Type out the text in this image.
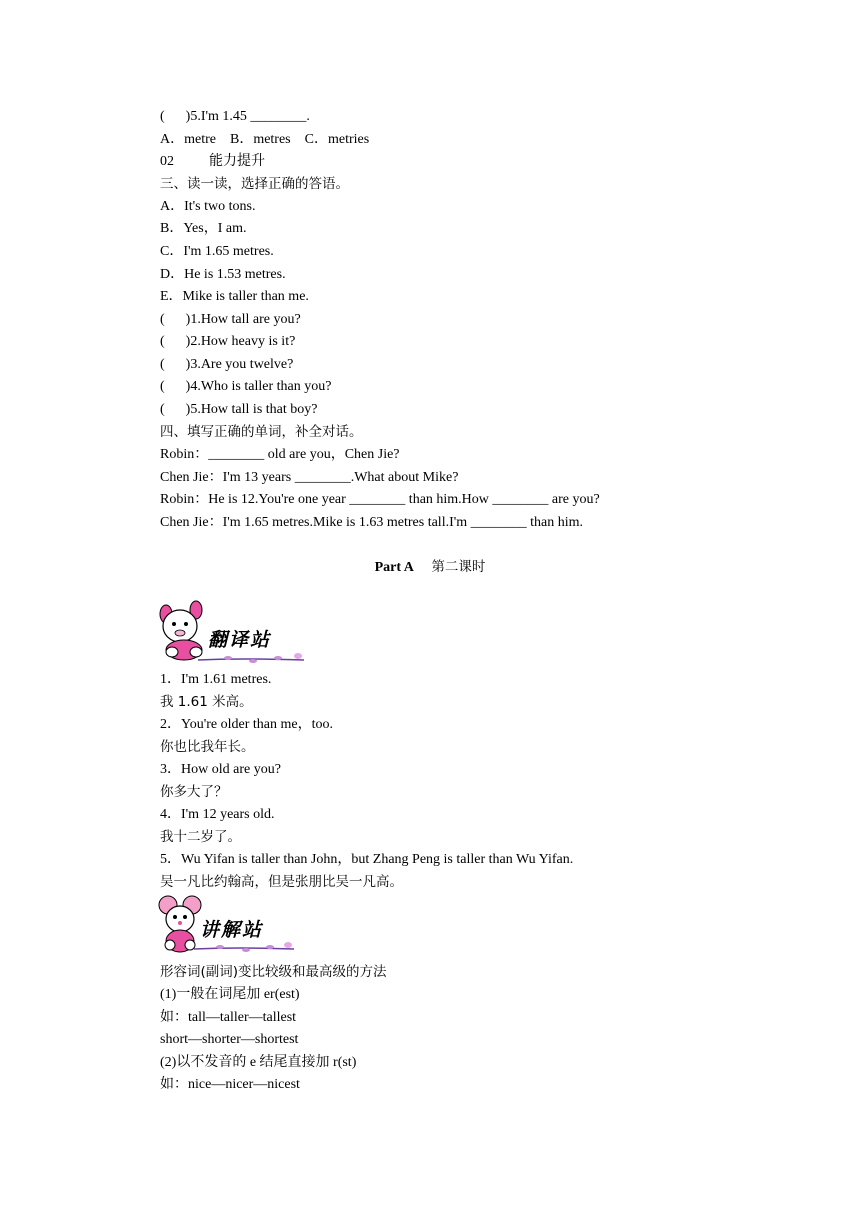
(      )5.I'm 1.45 ________.
A．metre    B．metres    C．metries
02          能力提升
三、读一读，选择正确的答语。
A．It's two tons.
B．Yes，I am.
C．I'm 1.65 metres.
D．He is 1.53 metres.
E．Mike is taller than me.
(      )1.How tall are you?
(      )2.How heavy is it?
(      )3.Are you twelve?
(      )4.Who is taller than you?
(      )5.How tall is that boy?
四、填写正确的单词，补全对话。
Robin：________ old are you，Chen Jie?
Chen Jie：I'm 13 years ________.What about Mike?
Robin：He is 12.You're one year ________ than him.How ________ are you?
Chen Jie：I'm 1.65 metres.Mike is 1.63 metres tall.I'm ________ than him.
Part A 第二课时
翻译站
1．I'm 1.61 metres.
我 1.61 米高。
2．You're older than me，too.
你也比我年长。
3．How old are you?
你多大了？
4．I'm 12 years old.
我十二岁了。
5．Wu Yifan is taller than John，but Zhang Peng is taller than Wu Yifan.
吴一凡比约翰高，但是张朋比吴一凡高。
讲解站
形容词(副词)变比较级和最高级的方法
(1)一般在词尾加 er(est)
如：tall—taller—tallest
short—shorter—shortest
(2)以不发音的 e 结尾直接加 r(st)
如：nice—nicer—nicest
